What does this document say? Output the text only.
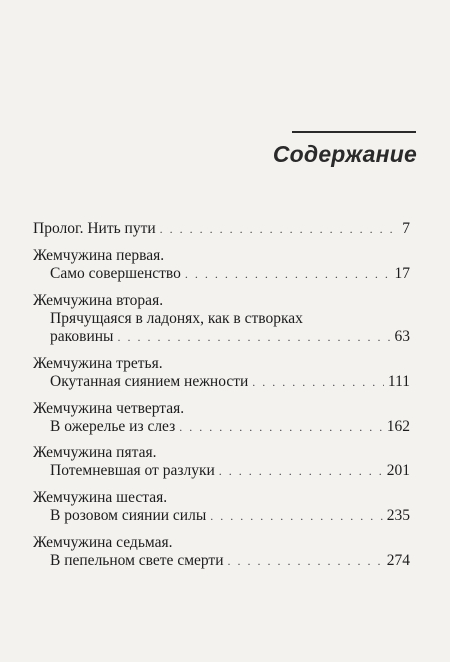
Содержание
Пролог. Нить пути . . .	7
Жемчужина первая.
Само совершенство . . .	17
Жемчужина вторая.
Прячущаяся в ладонях, как в створках
раковины . . .	63
Жемчужина третья.
Окутанная сиянием нежности . . .	111
Жемчужина четвертая.
В ожерелье из слез . . .	162
Жемчужина пятая.
Потемневшая от разлуки . . .	201
Жемчужина шестая.
В розовом сиянии силы . . .	235
Жемчужина седьмая.
В пепельном свете смерти . . .	274
